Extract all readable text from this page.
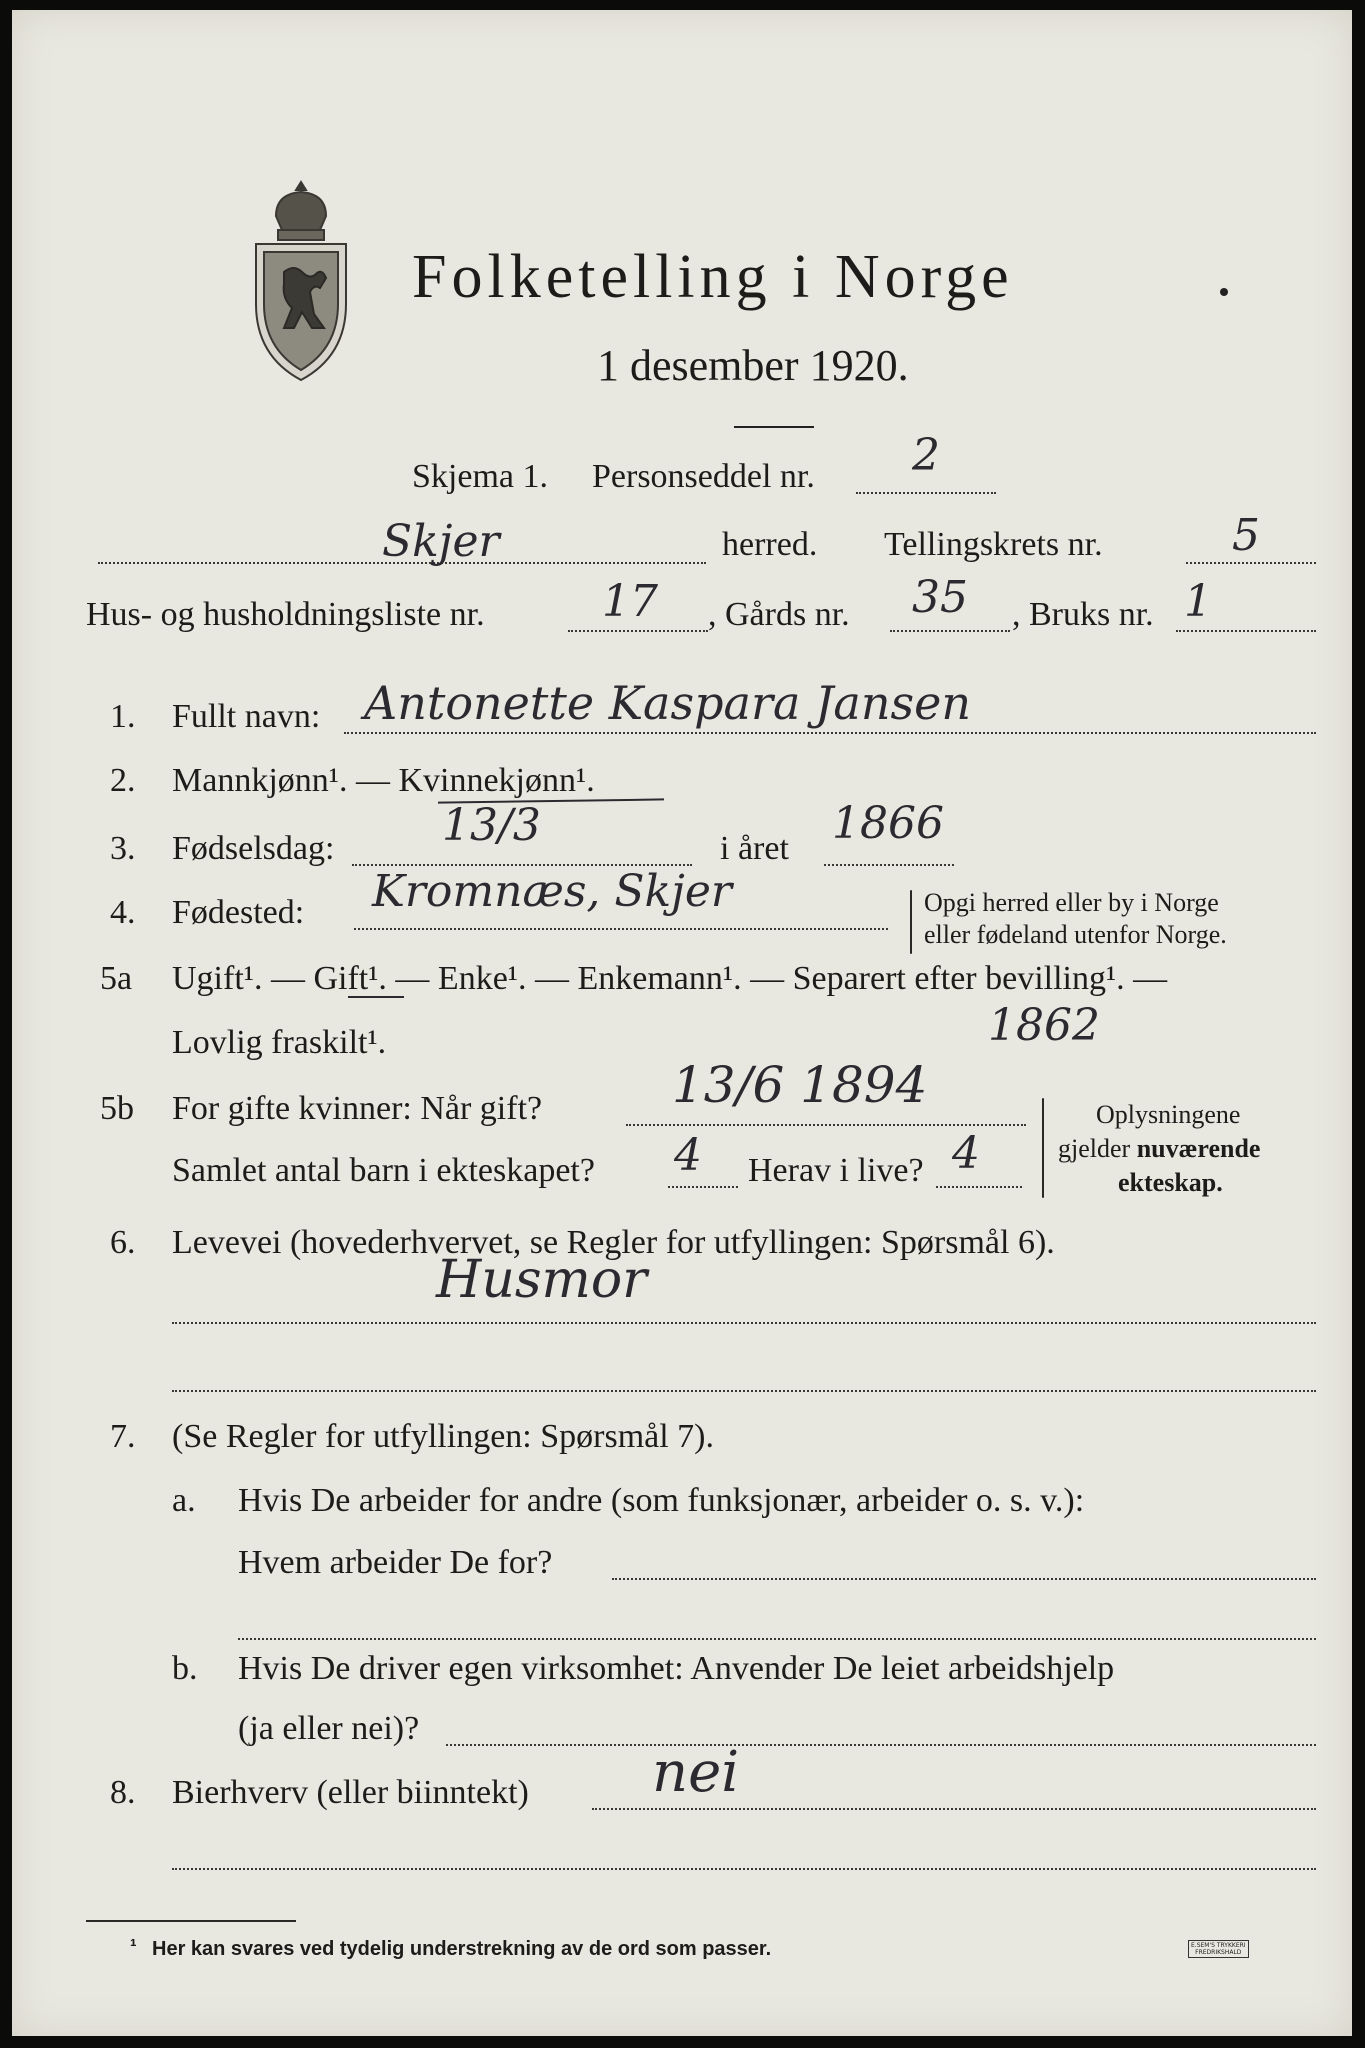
Folketelling i Norge
1 desember 1920.
Skjema 1. Personseddel nr. 2
Skjer	herred. Tellingskrets nr.	5
Hus- og husholdningsliste nr.	17 , Gårds nr. 35 , Bruks nr. 1
1. Fullt navn: Antonette Kaspara Jansen
2. Mannkjønn¹. — Kvinnekjønn¹.
3. Fødselsdag: 13/3	i året 1866
4. Fødested: Kromnæs, Skjer	Opgi herred eller by i Norge
eller fødeland utenfor Norge.
5a Ugift¹. — Gift¹. — Enke¹. — Enkemann¹. — Separert efter bevilling¹. —
Lovlig fraskilt¹.	1862
5b For gifte kvinner: Når gift?	13/6 1894
Samlet antal barn i ekteskapet? 4 Herav i live? 4
Oplysningene
gjelder nuværende
ekteskap.
6. Levevei (hovederhvervet, se Regler for utfyllingen: Spørsmål 6).
Husmor
7. (Se Regler for utfyllingen: Spørsmål 7).
a. Hvis De arbeider for andre (som funksjonær, arbeider o. s. v.):
Hvem arbeider De for?
b. Hvis De driver egen virksomhet: Anvender De leiet arbeidshjelp
(ja eller nei)?
8. Bierhverv (eller biinntekt) nei
¹ Her kan svares ved tydelig understrekning av de ord som passer.	E.SEM'S TRYKKERI
FREDRIKSHALD
